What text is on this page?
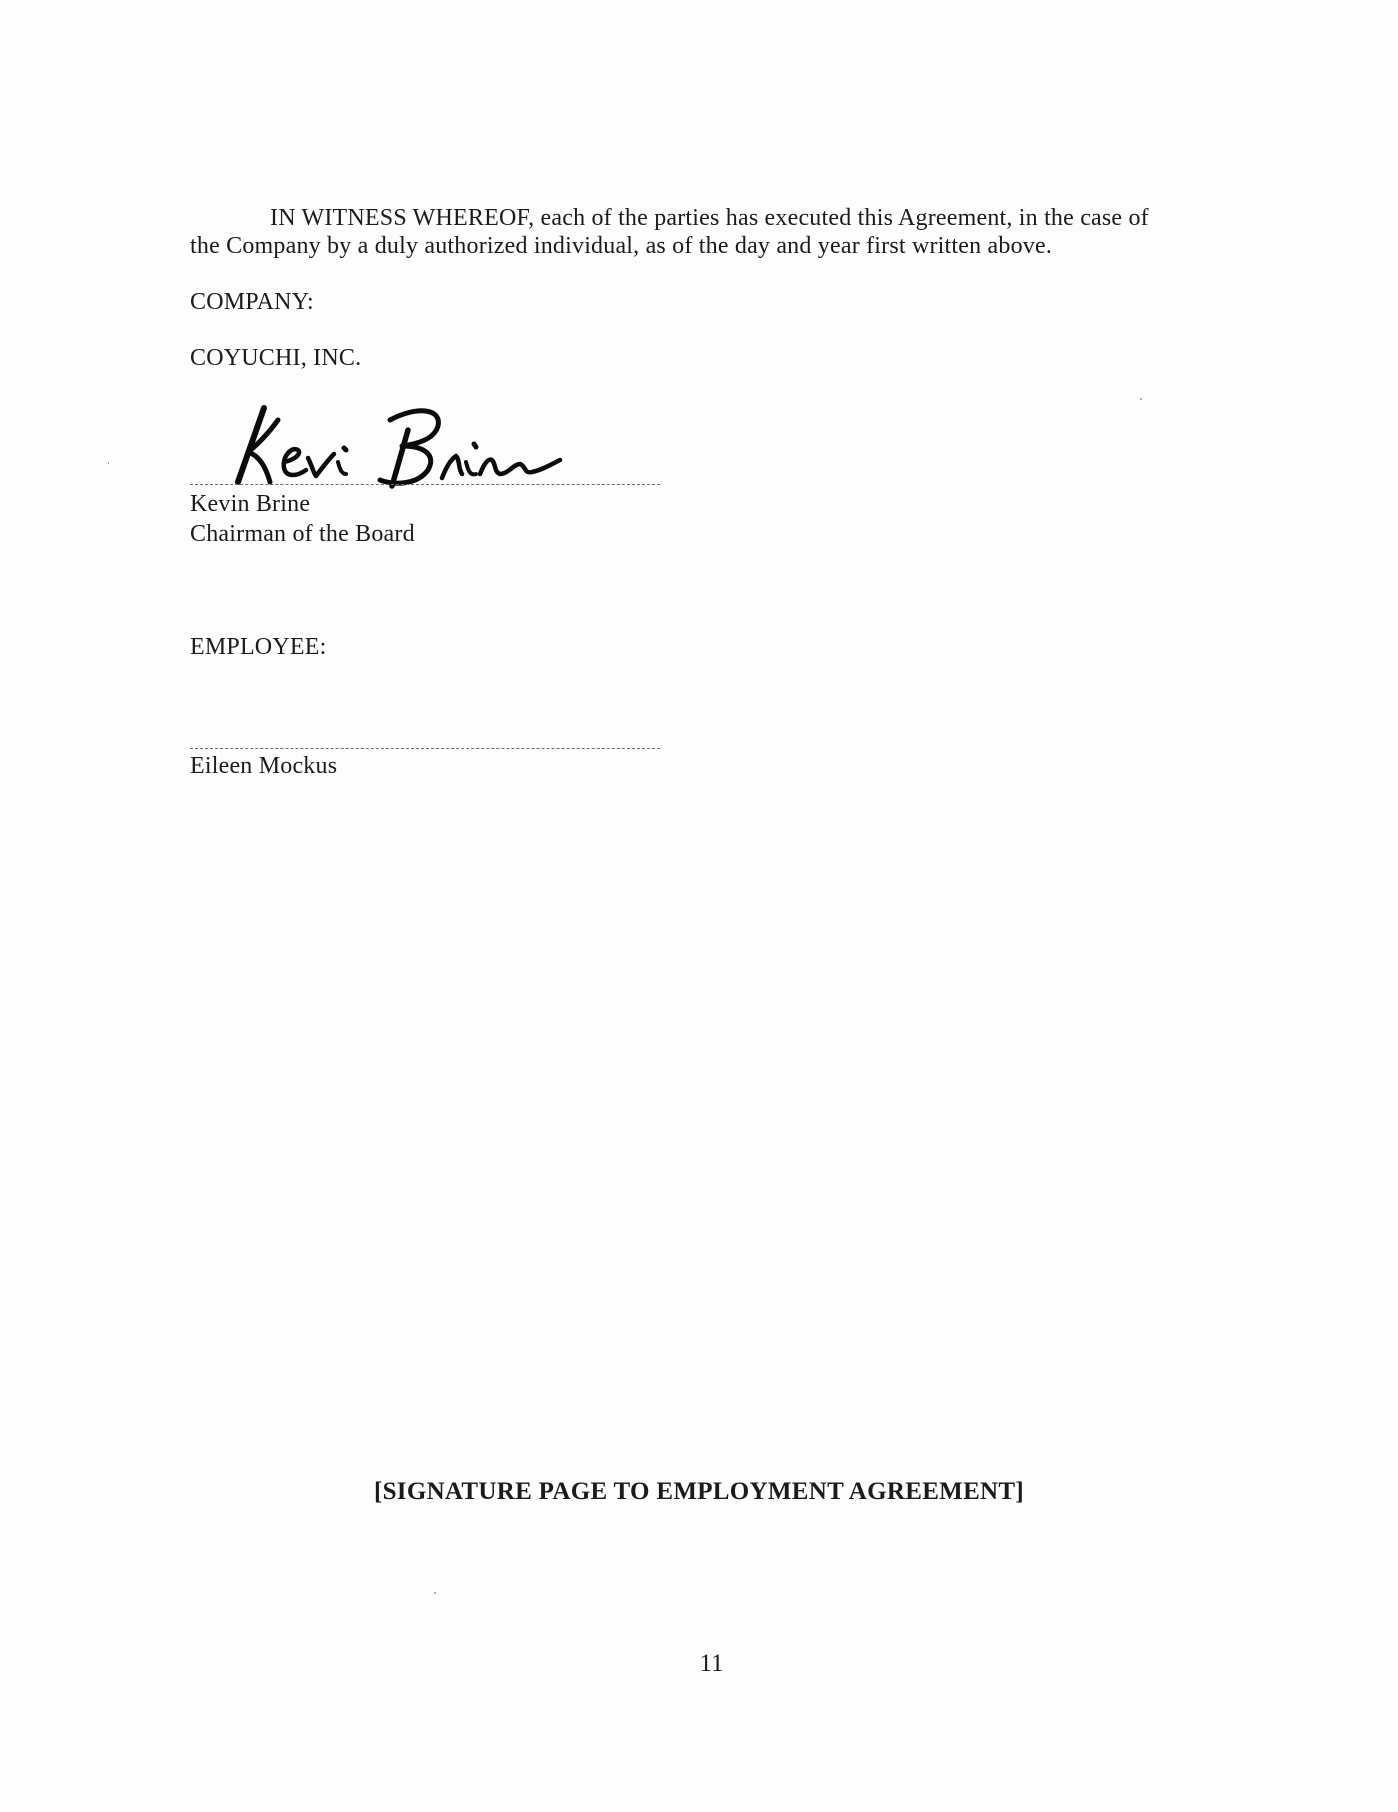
IN WITNESS WHEREOF, each of the parties has executed this Agreement, in the case of
the Company by a duly authorized individual, as of the day and year first written above.
COMPANY:
COYUCHI, INC.
Kevin Brine
Chairman of the Board
EMPLOYEE:
Eileen Mockus
[SIGNATURE PAGE TO EMPLOYMENT AGREEMENT]
11
